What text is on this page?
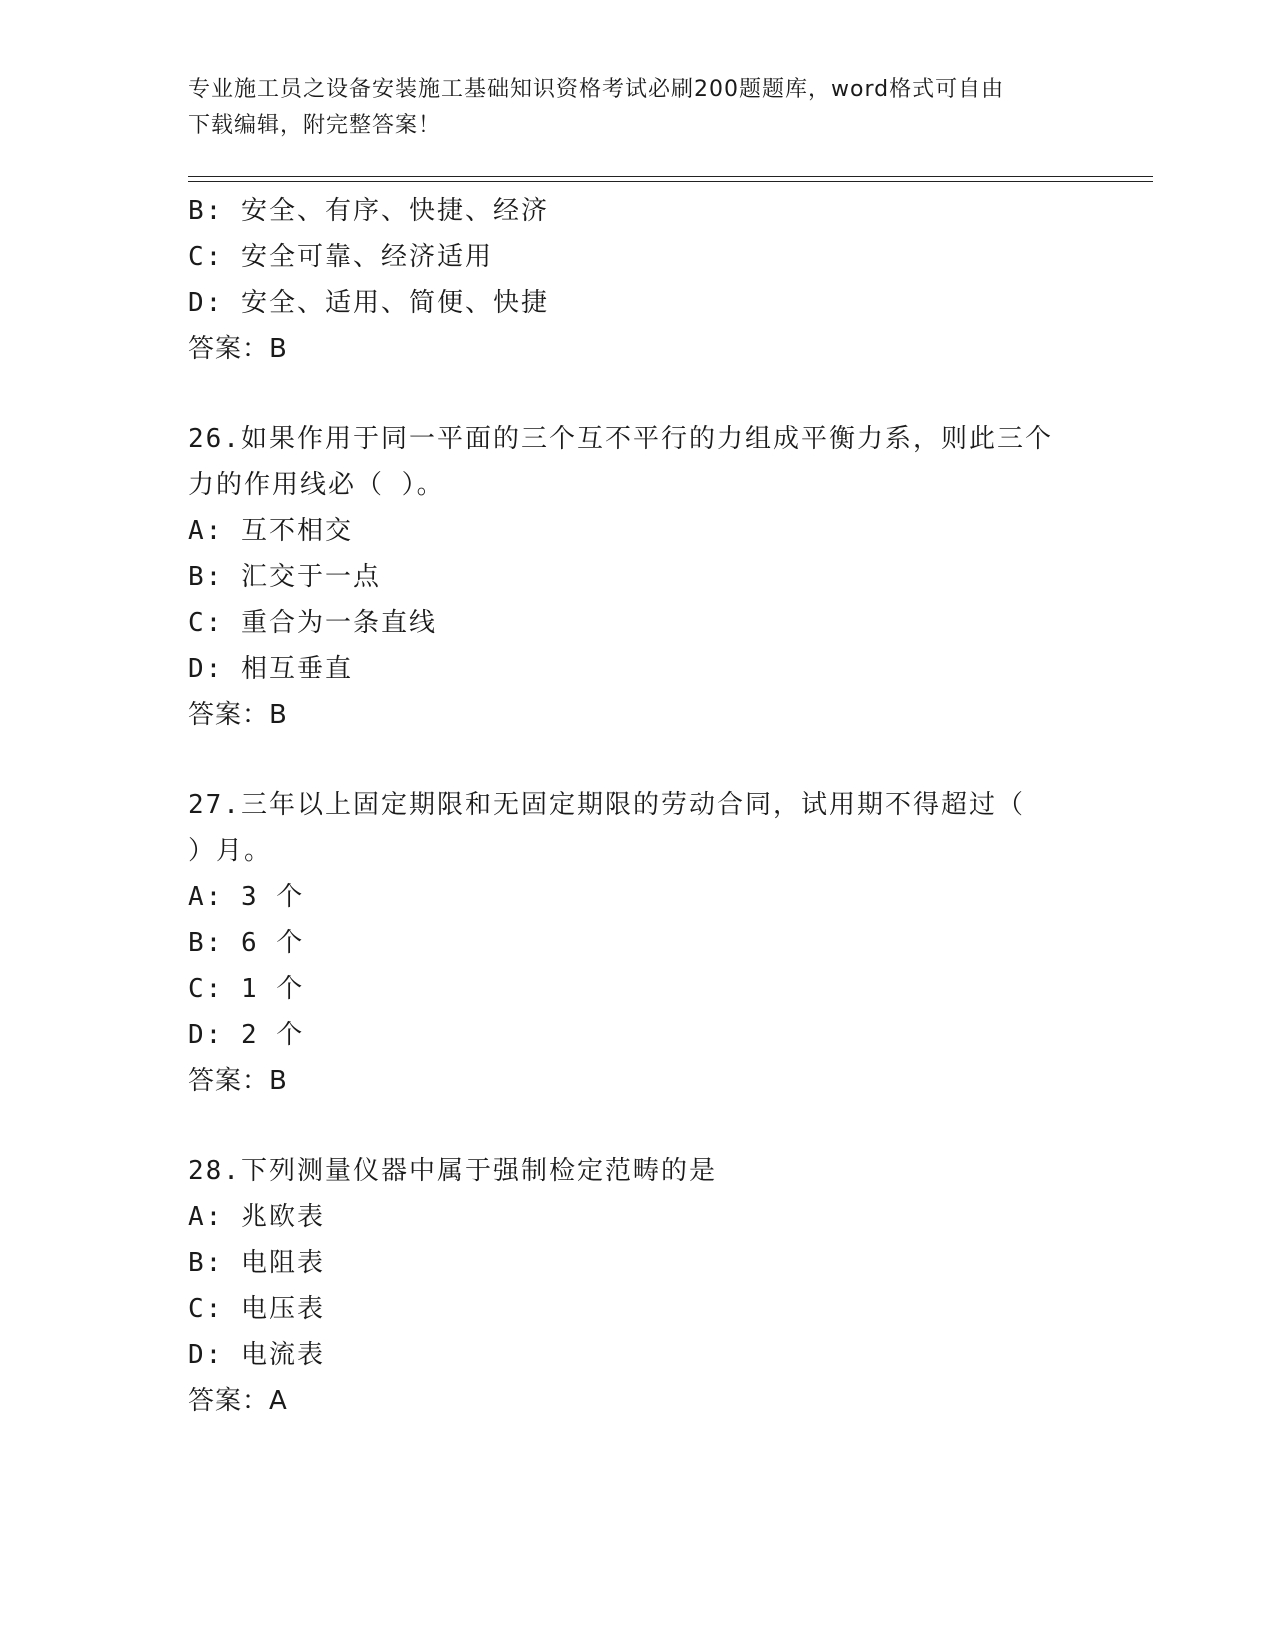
专业施工员之设备安装施工基础知识资格考试必刷200题题库，word格式可自由
下载编辑，附完整答案！
B: 安全、有序、快捷、经济
C: 安全可靠、经济适用
D: 安全、适用、简便、快捷
答案：B
26.如果作用于同一平面的三个互不平行的力组成平衡力系，则此三个
力的作用线必（ ）。
A: 互不相交
B: 汇交于一点
C: 重合为一条直线
D: 相互垂直
答案：B
27.三年以上固定期限和无固定期限的劳动合同，试用期不得超过（
）月。
A: 3 个
B: 6 个
C: 1 个
D: 2 个
答案：B
28.下列测量仪器中属于强制检定范畴的是
A: 兆欧表
B: 电阻表
C: 电压表
D: 电流表
答案：A
